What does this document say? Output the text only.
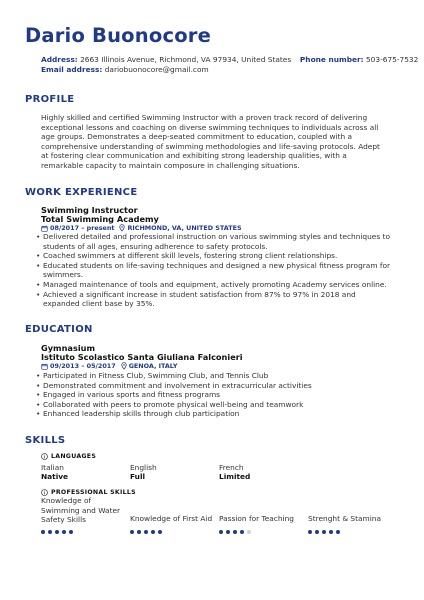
Dario Buonocore
Address: 2663 Illinois Avenue, Richmond, VA 97934, United States Phone number: 503-675-7532
Email address: dariobuonocore@gmail.com
PROFILE
Highly skilled and certified Swimming Instructor with a proven track record of delivering exceptional lessons and coaching on diverse swimming techniques to individuals across all age groups. Demonstrates a deep-seated commitment to education, coupled with a comprehensive understanding of swimming methodologies and life-saving protocols. Adept at fostering clear communication and exhibiting strong leadership qualities, with a remarkable capacity to maintain composure in challenging situations.
WORK EXPERIENCE
Swimming Instructor
Total Swimming Academy
08/2017 – present RICHMOND, VA, UNITED STATES
• Delivered detailed and professional instruction on various swimming styles and techniques to students of all ages, ensuring adherence to safety protocols.
• Coached swimmers at different skill levels, fostering strong client relationships.
• Educated students on life-saving techniques and designed a new physical fitness program for swimmers.
• Managed maintenance of tools and equipment, actively promoting Academy services online.
• Achieved a significant increase in student satisfaction from 87% to 97% in 2018 and expanded client base by 35%.
EDUCATION
Gymnasium
Istituto Scolastico Santa Giuliana Falconieri
09/2013 – 05/2017 GENOA, ITALY
• Participated in Fitness Club, Swimming Club, and Tennis Club
• Demonstrated commitment and involvement in extracurricular activities
• Engaged in various sports and fitness programs
• Collaborated with peers to promote physical well-being and teamwork
• Enhanced leadership skills through club participation
SKILLS
LANGUAGES
Italian
Native
English
Full
French
Limited
PROFESSIONAL SKILLS
Knowledge of Swimming and Water Safety Skills	Knowledge of First Aid Passion for Teaching	Strenght & Stamina
